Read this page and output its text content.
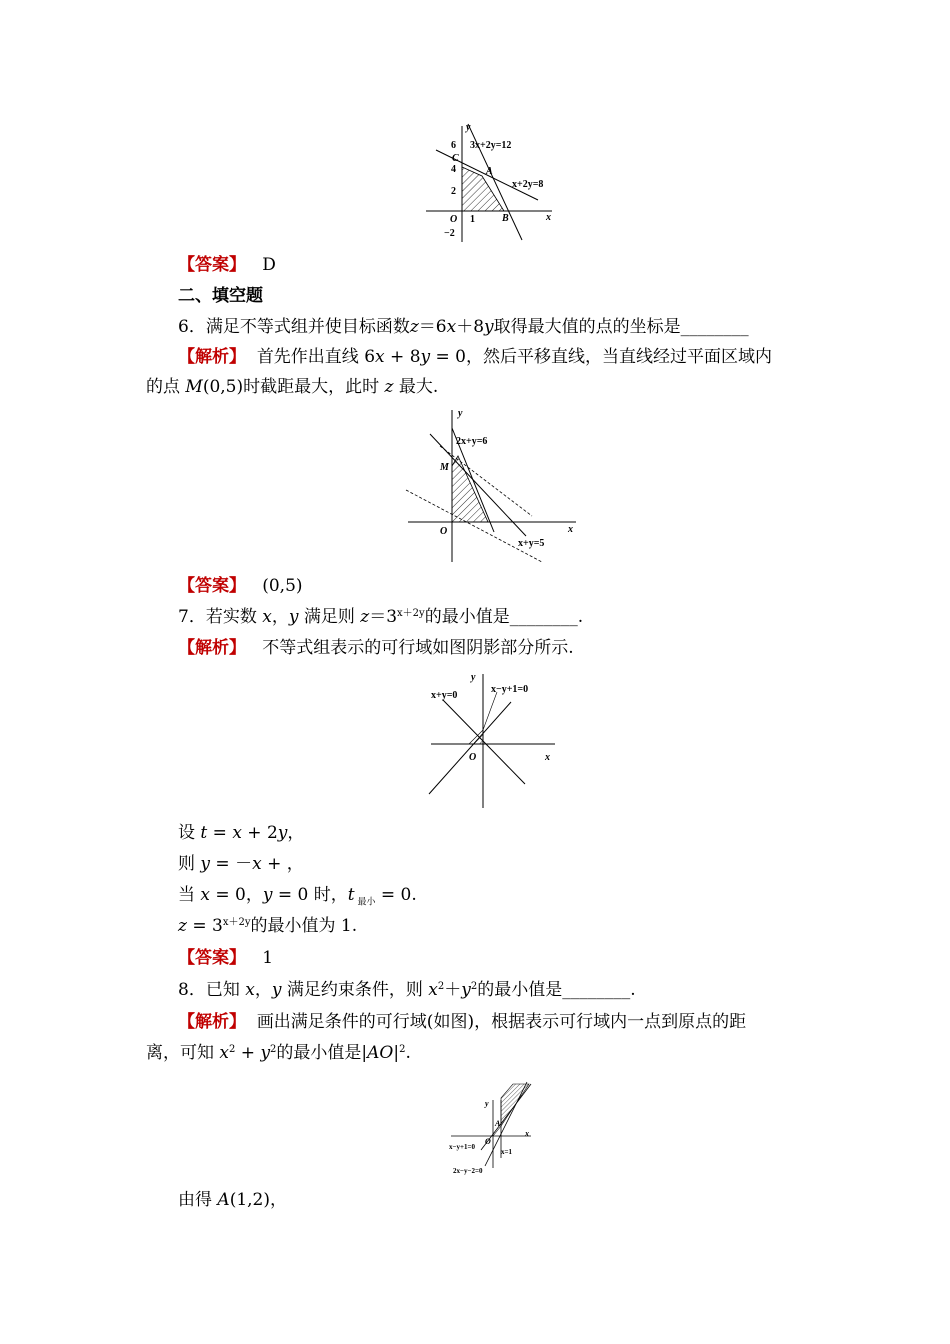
y
x
6
C
4
2
O 1
−2
A
B
3x+2y=12
x+2y=8

【答案】 D

二、填空题

6．满足不等式组并使目标函数z＝6x＋8y取得最大值的点的坐标是________

【解析】 首先作出直线 6x + 8y = 0，然后平移直线，当直线经过平面区域内

的点 M(0,5)时截距最大，此时 z 最大.

y
x
M
O
2x+y=6
x+y=5

【答案】 (0,5)

7．若实数 x，y 满足则 $z=3^{x+2y}$的最小值是________.

【解析】 不等式组表示的可行域如图阴影部分所示.

y
x
O
x+y=0
x−y+1=0

设 t = x + 2y，

则 y = －x + ，

当 x = 0，y = 0 时，t $_{最小}$ = 0.

$z = 3^{x+2y}$的最小值为 1.

【答案】 1

8．已知 x，y 满足约束条件，则 $x^2+y^2$的最小值是________.

【解析】 画出满足条件的可行域(如图)，根据表示可行域内一点到原点的距

离，可知 $x^2 + y^2$的最小值是$|AO|^2$.

y
x
A
O
x−y+1=0
x=1
2x−y−2=0

由得 A(1,2)，
